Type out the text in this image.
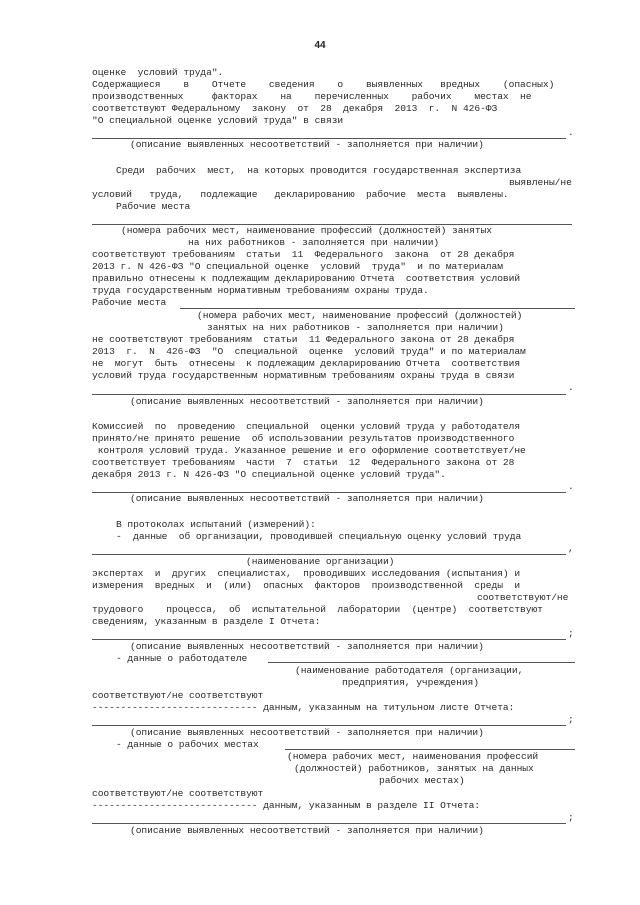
44
оценке  условий труда".
Содержащиеся    в    Отчете    сведения    о    выявленных   вредных    (опасных)
производственных     факторах    на    перечисленных    рабочих    местах  не
соответствуют Федеральному  закону  от  28  декабря  2013  г.  N 426-ФЗ
"О специальной оценке условий труда" в связи
.
(описание выявленных несоответствий - заполняется при наличии)
Среди  рабочих  мест,  на которых проводится государственная экспертиза
выявлены/не
условий   труда,   подлежащие   декларированию  рабочие  места  выявлены.
Рабочие места
(номера рабочих мест, наименование профессий (должностей) занятых
на них работников - заполняется при наличии)
соответствуют требованиям  статьи  11  Федерального  закона  от 28 декабря
2013 г. N 426-ФЗ "О специальной оценке  условий  труда"  и по материалам
правильно отнесены к подлежащим декларированию Отчета  соответствия условий
труда государственным нормативным требованиям охраны труда.
Рабочие места
(номера рабочих мест, наименование профессий (должностей)
занятых на них работников - заполняется при наличии)
не соответствуют требованиям  статьи  11 Федерального закона от 28 декабря
2013  г.  N  426-ФЗ  "О  специальной  оценке  условий труда" и по материалам
не  могут  быть  отнесены  к подлежащим декларированию Отчета  соответствия
условий труда государственным нормативным требованиям охраны труда в связи
.
(описание выявленных несоответствий - заполняется при наличии)
Комиссией  по  проведению  специальной  оценки условий труда у работодателя
принято/не принято решение  об использовании результатов производственного
контроля условий труда. Указанное решение и его оформление соответствует/не
соответствует требованиям  части  7  статьи  12  Федерального закона от 28
декабря 2013 г. N 426-ФЗ "О специальной оценке условий труда".
.
(описание выявленных несоответствий - заполняется при наличии)
В протоколах испытаний (измерений):
-  данные  об организации, проводившей специальную оценку условий труда
,
(наименование организации)
экспертах  и  других  специалистах,  проводивших исследования (испытания) и
измерения  вредных  и  (или)  опасных  факторов  производственной  среды  и
соответствуют/не
трудового    процесса,  об  испытательной  лаборатории  (центре)  соответствуют
сведениям, указанным в разделе I Отчета:
;
(описание выявленных несоответствий - заполняется при наличии)
- данные о работодателе
(наименование работодателя (организации,
предприятия, учреждения)
соответствуют/не соответствуют
----------------------------- данным, указанным на титульном листе Отчета:
;
(описание выявленных несоответствий - заполняется при наличии)
- данные о рабочих местах
(номера рабочих мест, наименования профессий
(должностей) работников, занятых на данных
рабочих местах)
соответствуют/не соответствуют
----------------------------- данным, указанным в разделе II Отчета:
;
(описание выявленных несоответствий - заполняется при наличии)
